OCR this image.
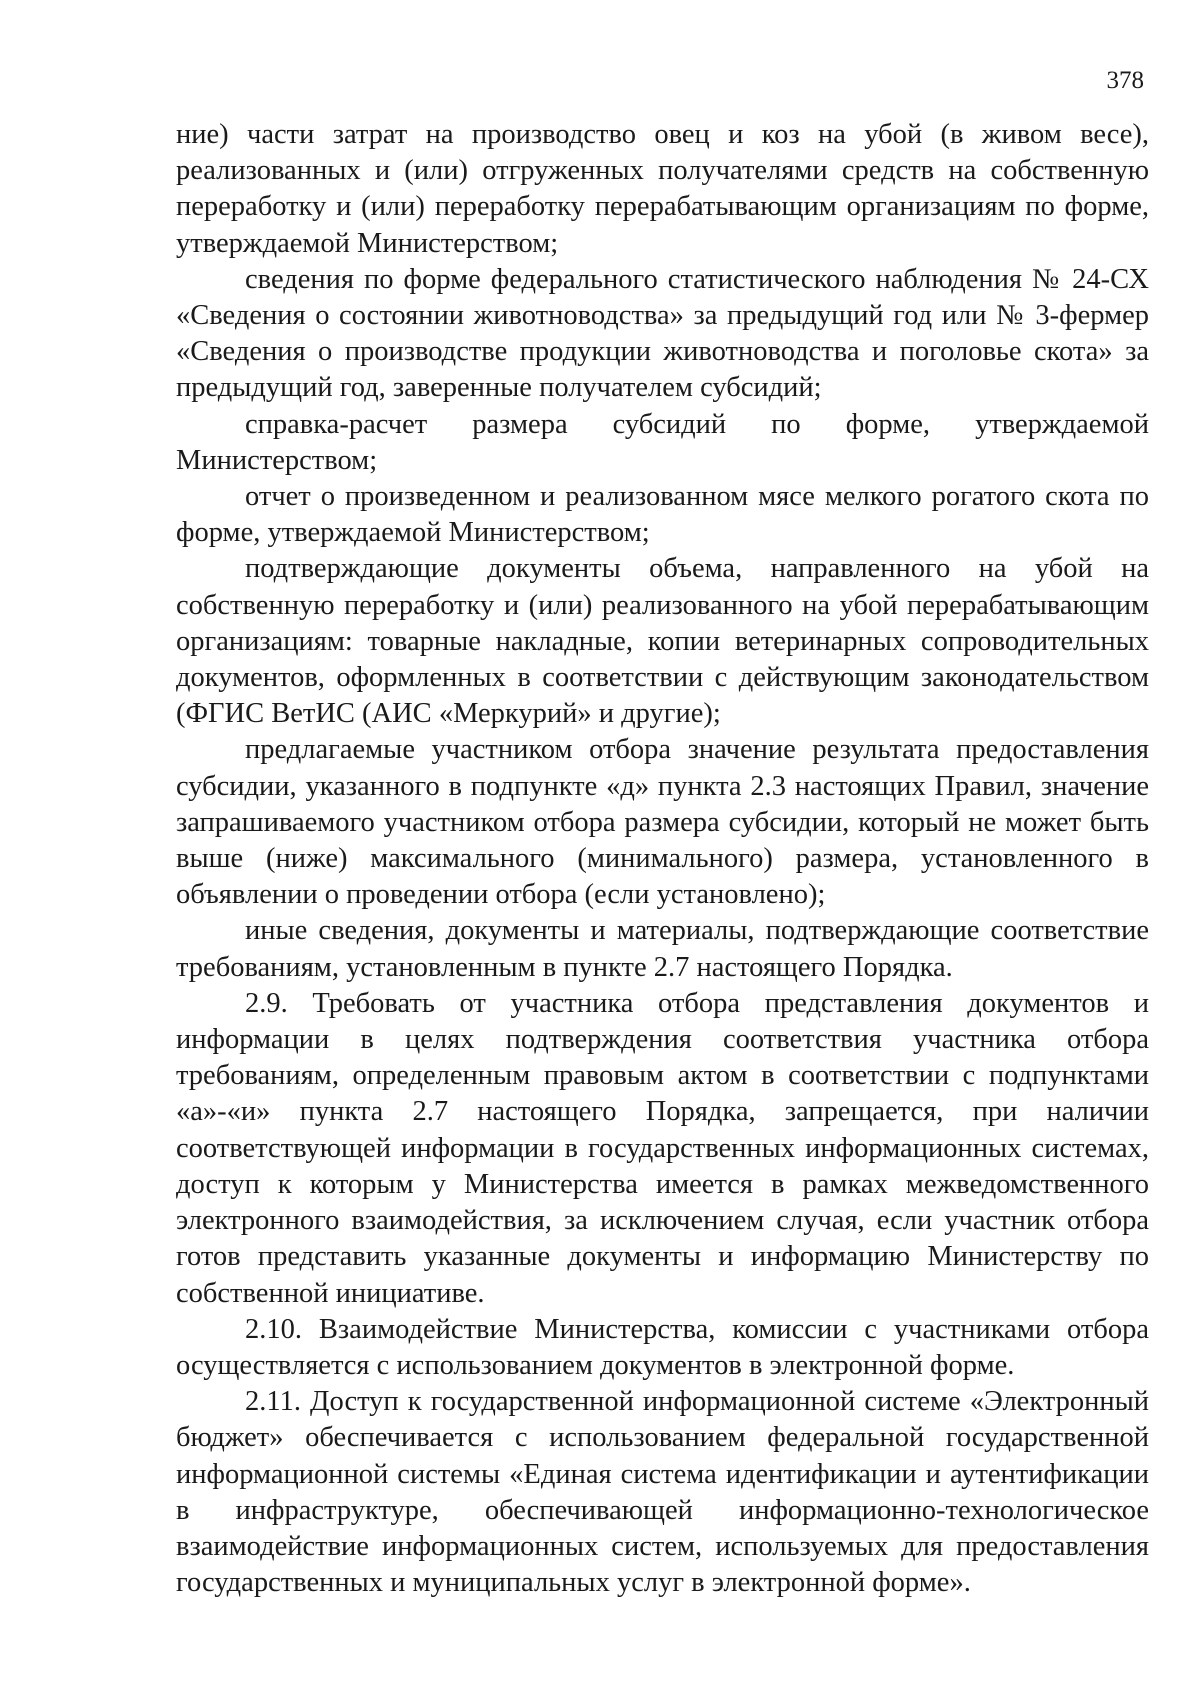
378

ние) части затрат на производство овец и коз на убой (в живом весе), реализованных и (или) отгруженных получателями средств на собственную переработку и (или) переработку перерабатывающим организациям по форме, утверждаемой Министерством;

сведения по форме федерального статистического наблюдения № 24-СХ «Сведения о состоянии животноводства» за предыдущий год или № 3-фермер «Сведения о производстве продукции животноводства и поголовье скота» за предыдущий год, заверенные получателем субсидий;

справка-расчет размера субсидий по форме, утверждаемой Министерством;

отчет о произведенном и реализованном мясе мелкого рогатого скота по форме, утверждаемой Министерством;

подтверждающие документы объема, направленного на убой на собственную переработку и (или) реализованного на убой перерабатывающим организациям: товарные накладные, копии ветеринарных сопроводительных документов, оформленных в соответствии с действующим законодательством (ФГИС ВетИС (АИС «Меркурий» и другие);

предлагаемые участником отбора значение результата предоставления субсидии, указанного в подпункте «д» пункта 2.3 настоящих Правил, значение запрашиваемого участником отбора размера субсидии, который не может быть выше (ниже) максимального (минимального) размера, установленного в объявлении о проведении отбора (если установлено);

иные сведения, документы и материалы, подтверждающие соответствие требованиям, установленным в пункте 2.7 настоящего Порядка.

2.9. Требовать от участника отбора представления документов и информации в целях подтверждения соответствия участника отбора требованиям, определенным правовым актом в соответствии с подпунктами «а»-«и» пункта 2.7 настоящего Порядка, запрещается, при наличии соответствующей информации в государственных информационных системах, доступ к которым у Министерства имеется в рамках межведомственного электронного взаимодействия, за исключением случая, если участник отбора готов представить указанные документы и информацию Министерству по собственной инициативе.

2.10. Взаимодействие Министерства, комиссии с участниками отбора осуществляется с использованием документов в электронной форме.

2.11. Доступ к государственной информационной системе «Электронный бюджет» обеспечивается с использованием федеральной государственной информационной системы «Единая система идентификации и аутентификации в инфраструктуре, обеспечивающей информационно-технологическое взаимодействие информационных систем, используемых для предоставления государственных и муниципальных услуг в электронной форме».
